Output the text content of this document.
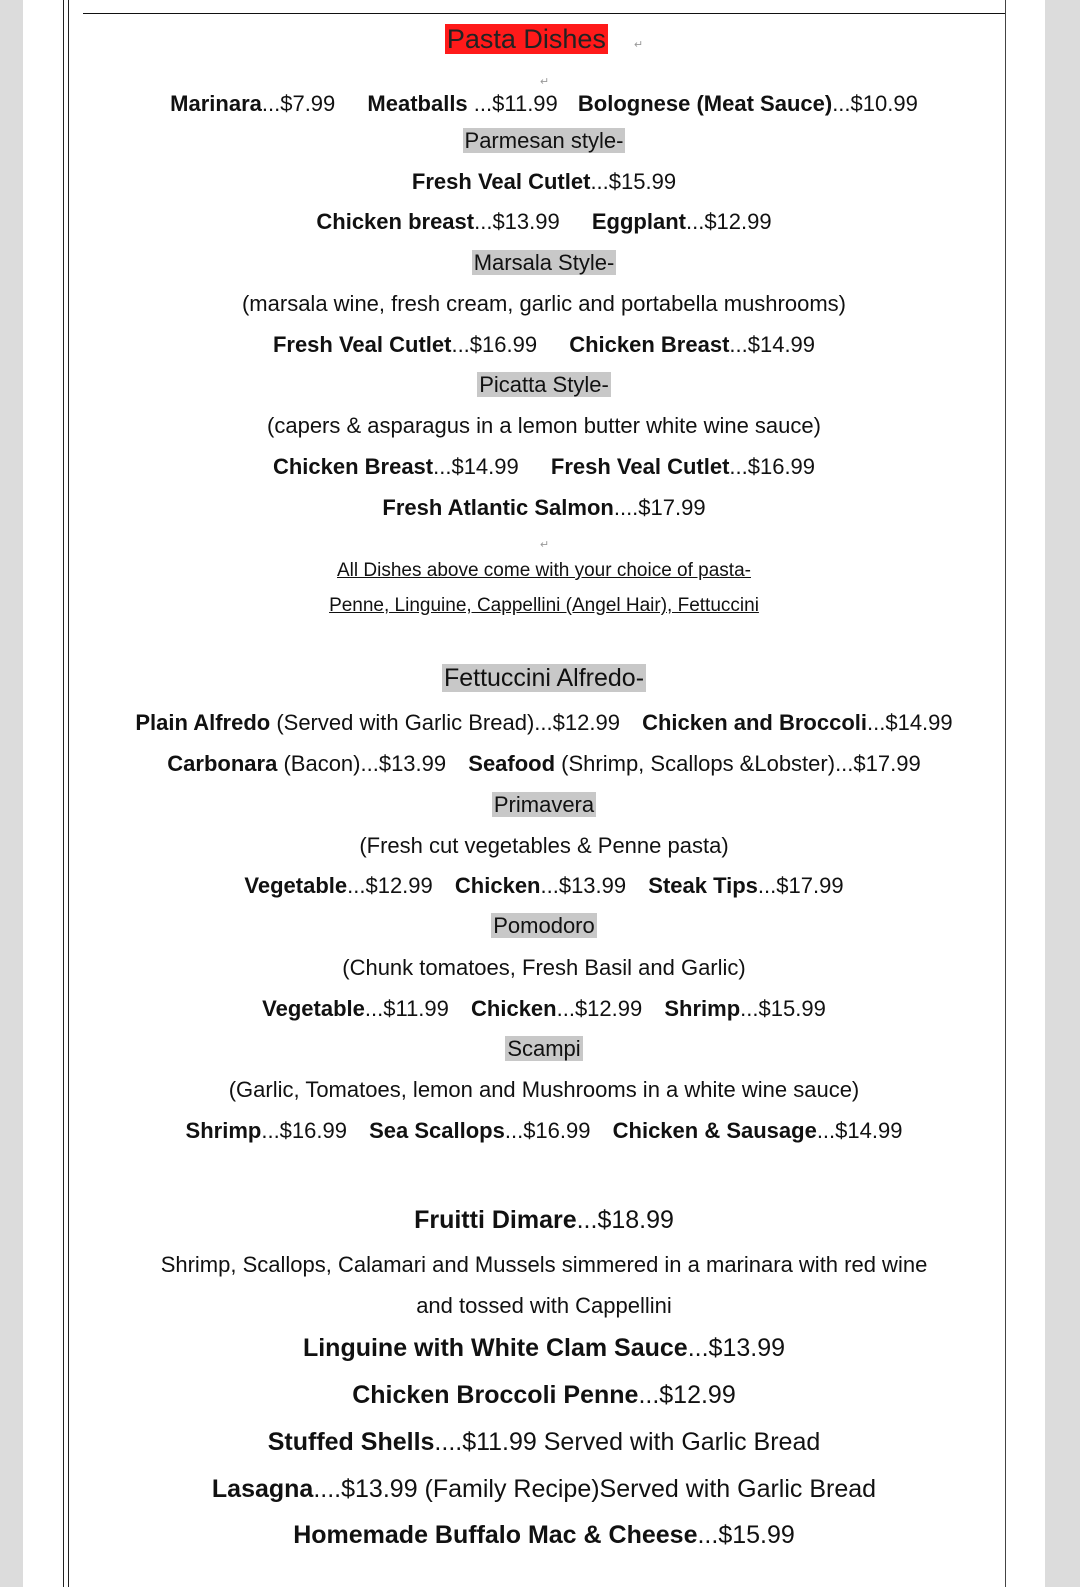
Pasta Dishes	↵
↵
Marinara...$7.99 Meatballs ...$11.99 Bolognese (Meat Sauce)...$10.99
Parmesan style-
Fresh Veal Cutlet...$15.99
Chicken breast...$13.99 Eggplant...$12.99
Marsala Style-
(marsala wine, fresh cream, garlic and portabella mushrooms)
Fresh Veal Cutlet...$16.99 Chicken Breast...$14.99
Picatta Style-
(capers & asparagus in a lemon butter white wine sauce)
Chicken Breast...$14.99 Fresh Veal Cutlet...$16.99
Fresh Atlantic Salmon....$17.99
↵
All Dishes above come with your choice of pasta-
Penne, Linguine, Cappellini (Angel Hair), Fettuccini
Fettuccini Alfredo-
Plain Alfredo (Served with Garlic Bread)...$12.99 Chicken and Broccoli...$14.99
Carbonara (Bacon)...$13.99 Seafood (Shrimp, Scallops &Lobster)...$17.99
Primavera
(Fresh cut vegetables & Penne pasta)
Vegetable...$12.99 Chicken...$13.99 Steak Tips...$17.99
Pomodoro
(Chunk tomatoes, Fresh Basil and Garlic)
Vegetable...$11.99 Chicken...$12.99 Shrimp...$15.99
Scampi
(Garlic, Tomatoes, lemon and Mushrooms in a white wine sauce)
Shrimp...$16.99 Sea Scallops...$16.99 Chicken & Sausage...$14.99
Fruitti Dimare...$18.99
Shrimp, Scallops, Calamari and Mussels simmered in a marinara with red wine
and tossed with Cappellini
Linguine with White Clam Sauce...$13.99
Chicken Broccoli Penne...$12.99
Stuffed Shells....$11.99 Served with Garlic Bread
Lasagna....$13.99 (Family Recipe)Served with Garlic Bread
Homemade Buffalo Mac & Cheese...$15.99
